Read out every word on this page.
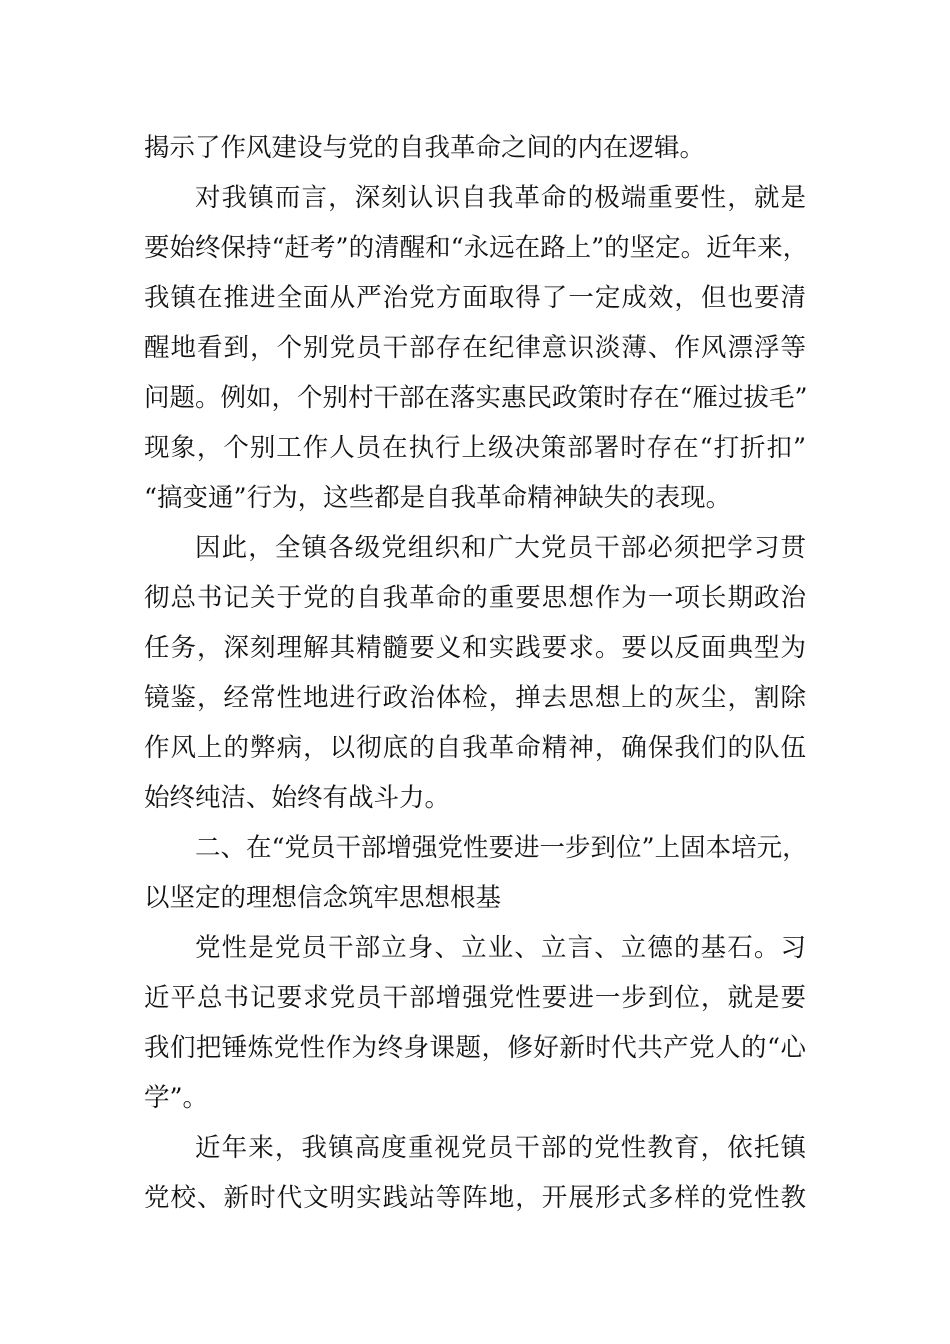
揭示了作风建设与党的自我革命之间的内在逻辑。
对我镇而言，深刻认识自我革命的极端重要性，就是
要始终保持“赶考”的清醒和“永远在路上”的坚定。近年来，
我镇在推进全面从严治党方面取得了一定成效，但也要清
醒地看到，个别党员干部存在纪律意识淡薄、作风漂浮等
问题。例如，个别村干部在落实惠民政策时存在“雁过拔毛”
现象，个别工作人员在执行上级决策部署时存在“打折扣”
“搞变通”行为，这些都是自我革命精神缺失的表现。
因此，全镇各级党组织和广大党员干部必须把学习贯
彻总书记关于党的自我革命的重要思想作为一项长期政治
任务，深刻理解其精髓要义和实践要求。要以反面典型为
镜鉴，经常性地进行政治体检，掸去思想上的灰尘，割除
作风上的弊病，以彻底的自我革命精神，确保我们的队伍
始终纯洁、始终有战斗力。
二、在“党员干部增强党性要进一步到位”上固本培元，
以坚定的理想信念筑牢思想根基
党性是党员干部立身、立业、立言、立德的基石。习
近平总书记要求党员干部增强党性要进一步到位，就是要
我们把锤炼党性作为终身课题，修好新时代共产党人的“心
学”。
近年来，我镇高度重视党员干部的党性教育，依托镇
党校、新时代文明实践站等阵地，开展形式多样的党性教
